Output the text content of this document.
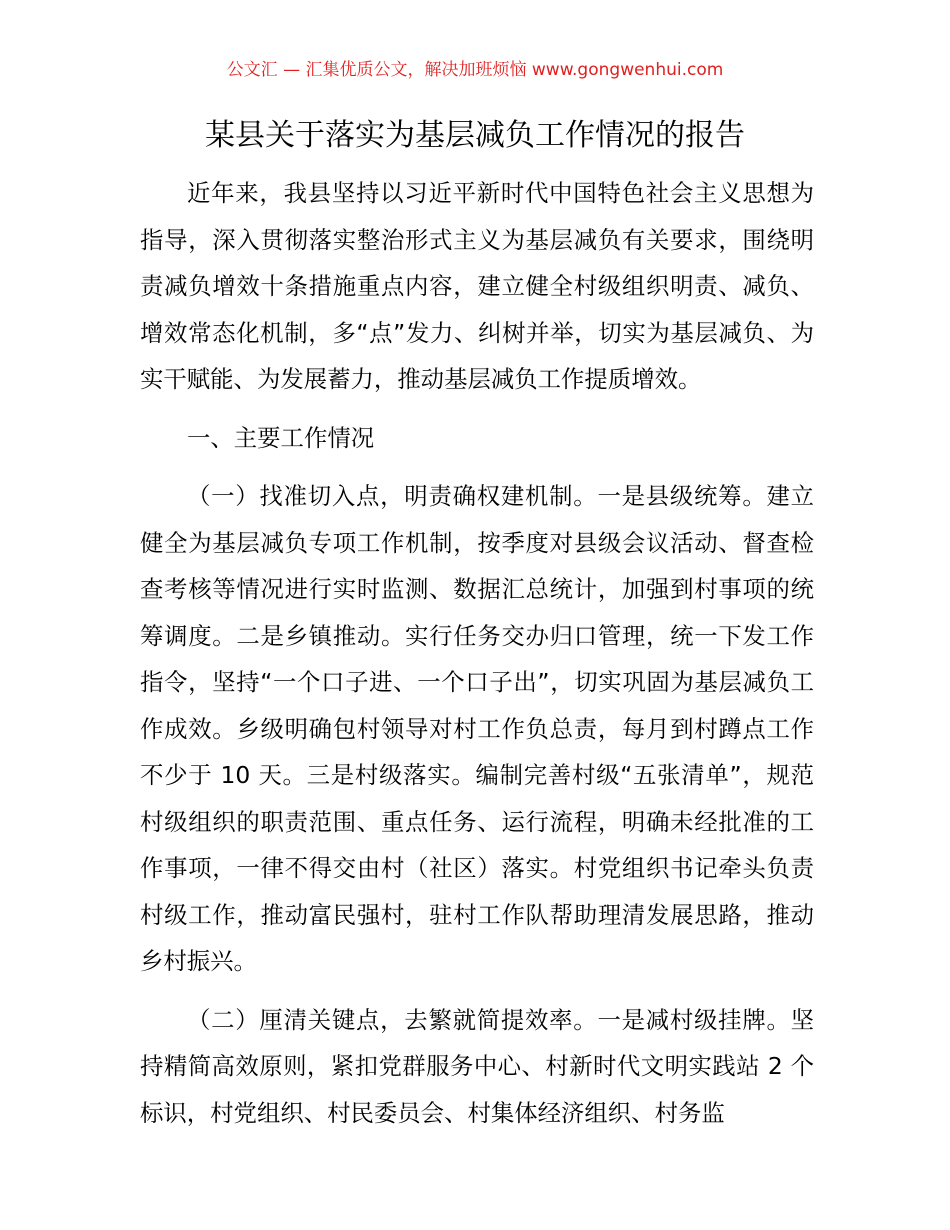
公文汇 — 汇集优质公文，解决加班烦恼 www.gongwenhui.com
某县关于落实为基层减负工作情况的报告

近年来，我县坚持以习近平新时代中国特色社会主义思想为指导，深入贯彻落实整治形式主义为基层减负有关要求，围绕明责减负增效十条措施重点内容，建立健全村级组织明责、减负、增效常态化机制，多“点”发力、纠树并举，切实为基层减负、为实干赋能、为发展蓄力，推动基层减负工作提质增效。

一、主要工作情况

（一）找准切入点，明责确权建机制。一是县级统筹。建立健全为基层减负专项工作机制，按季度对县级会议活动、督查检查考核等情况进行实时监测、数据汇总统计，加强到村事项的统筹调度。二是乡镇推动。实行任务交办归口管理，统一下发工作指令，坚持“一个口子进、一个口子出”，切实巩固为基层减负工作成效。乡级明确包村领导对村工作负总责，每月到村蹲点工作不少于 10 天。三是村级落实。编制完善村级“五张清单”，规范村级组织的职责范围、重点任务、运行流程，明确未经批准的工作事项，一律不得交由村（社区）落实。村党组织书记牵头负责村级工作，推动富民强村，驻村工作队帮助理清发展思路，推动乡村振兴。

（二）厘清关键点，去繁就简提效率。一是减村级挂牌。坚持精简高效原则，紧扣党群服务中心、村新时代文明实践站 2 个标识，村党组织、村民委员会、村集体经济组织、村务监
